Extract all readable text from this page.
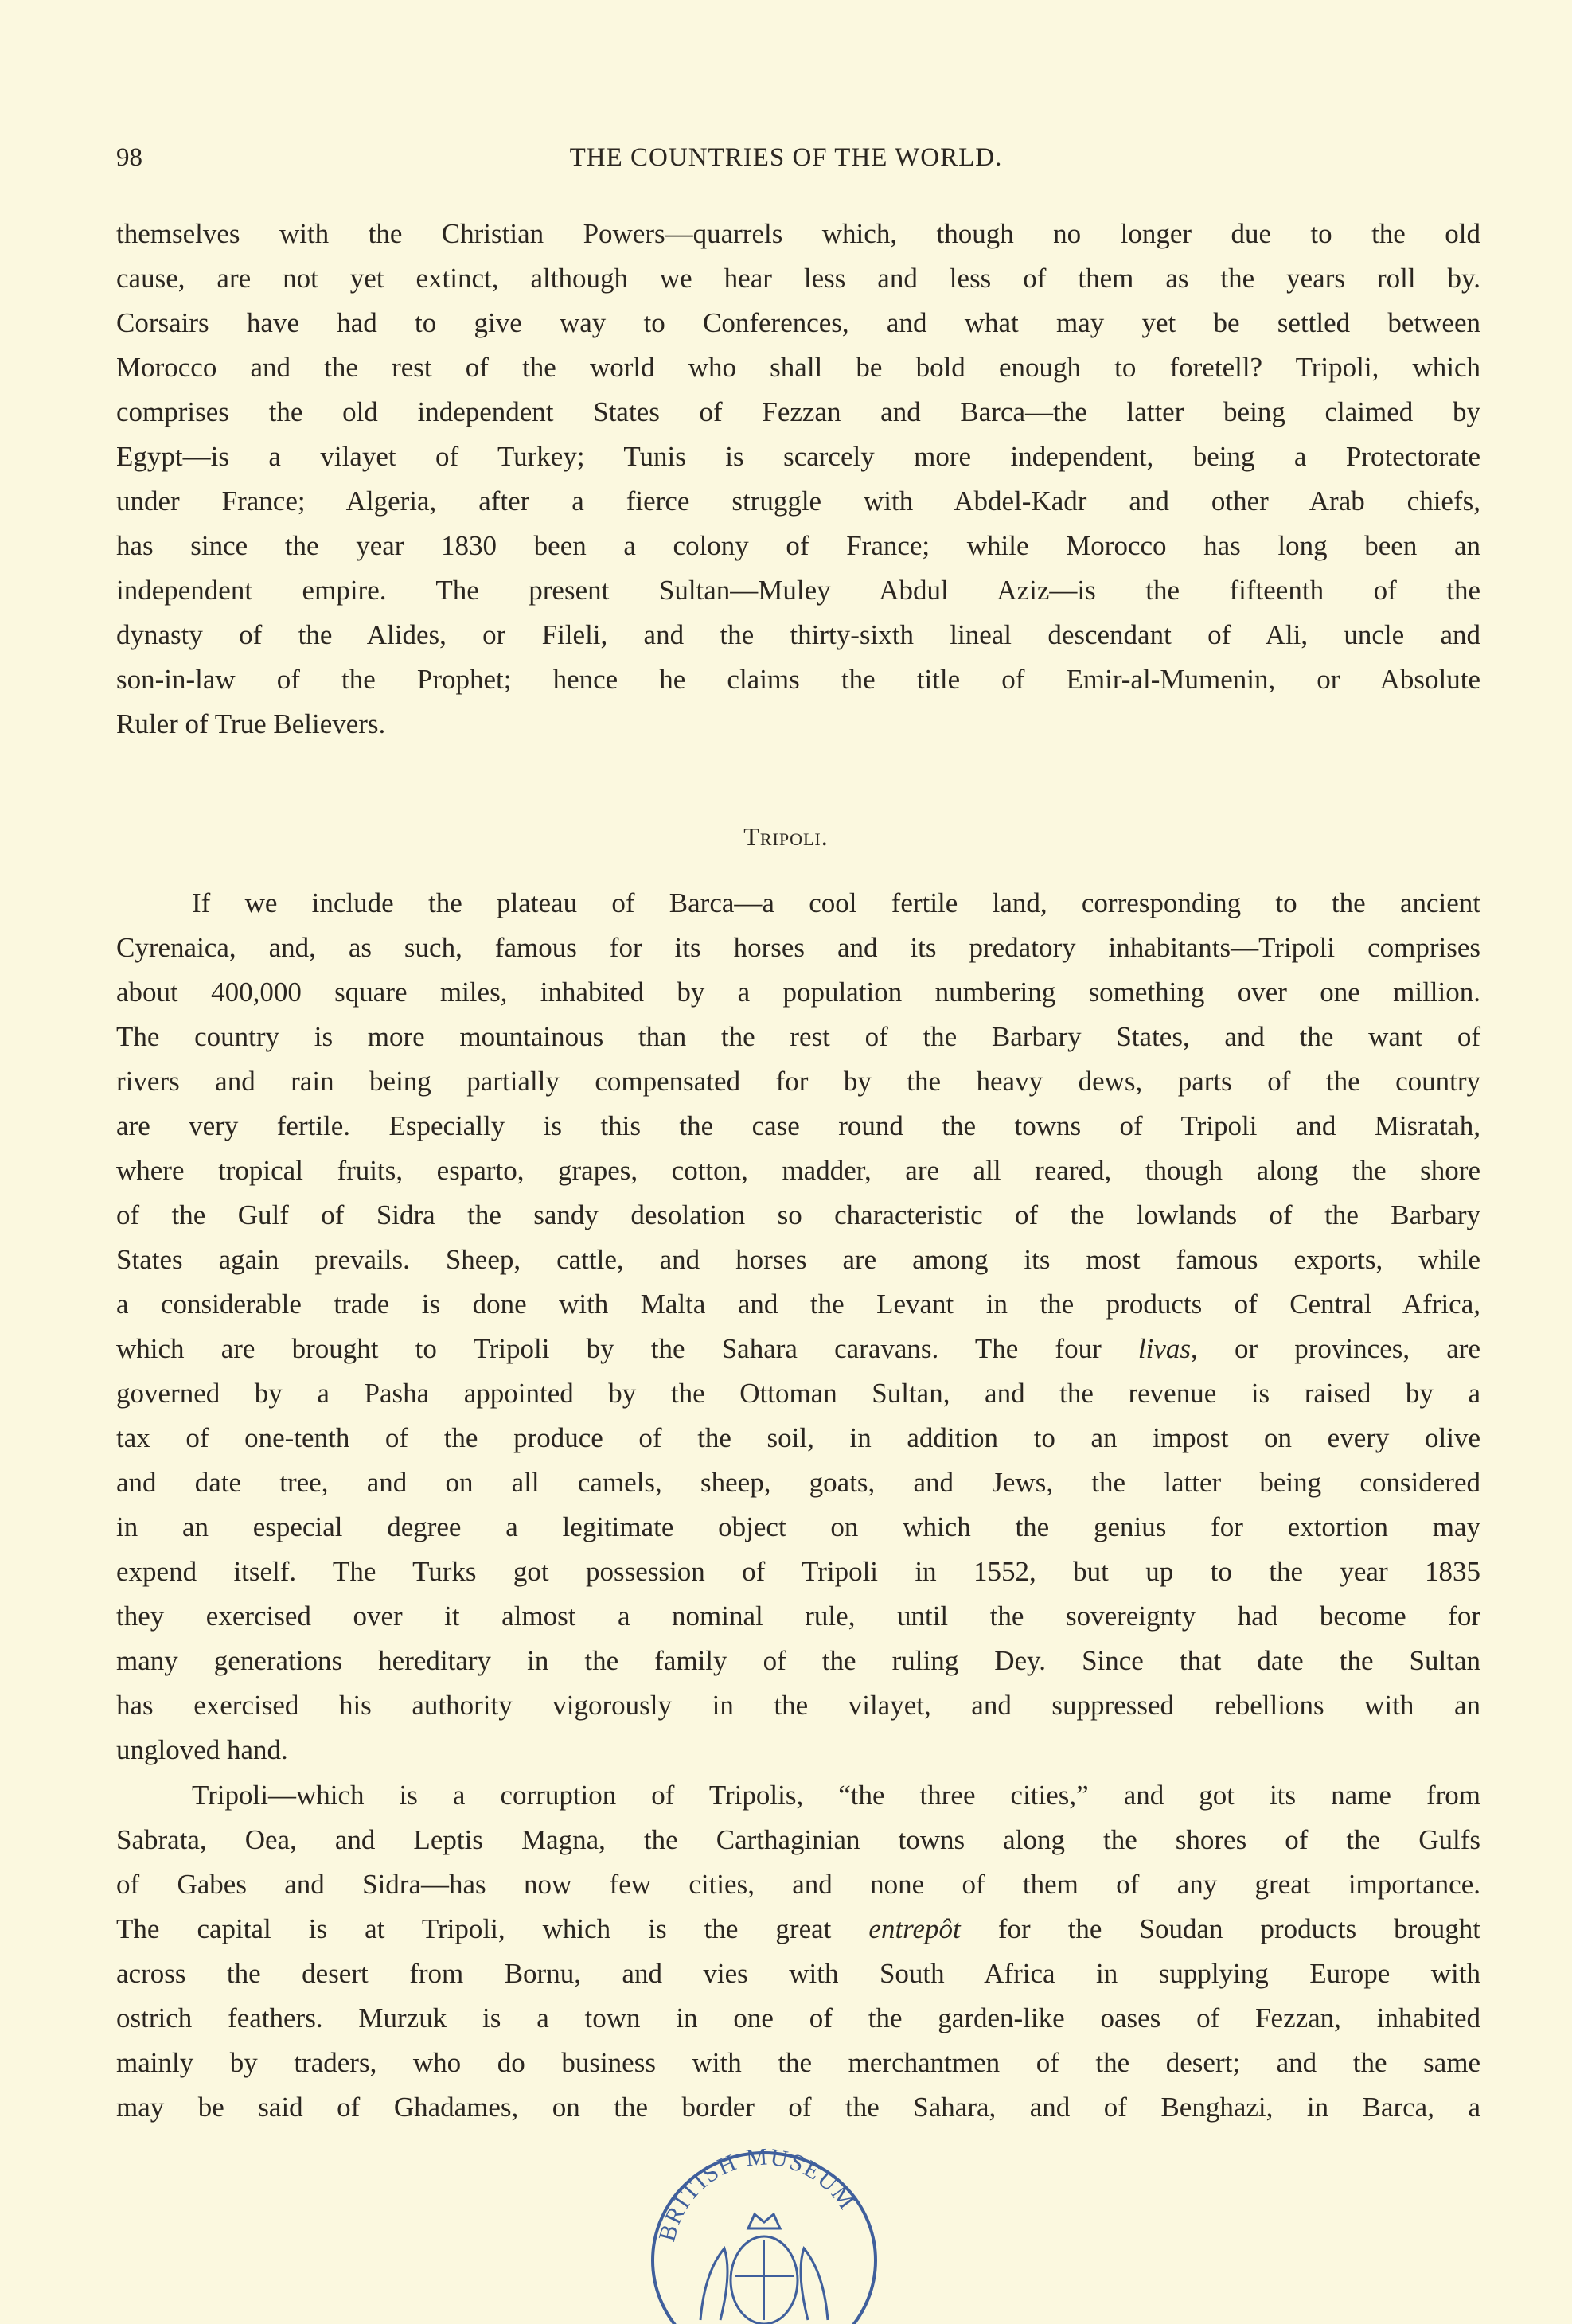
98	THE COUNTRIES OF THE WORLD.
themselves with the Christian Powers—quarrels which, though no longer due to the old
cause, are not yet extinct, although we hear less and less of them as the years roll by.
Corsairs have had to give way to Conferences, and what may yet be settled between
Morocco and the rest of the world who shall be bold enough to foretell? Tripoli, which
comprises the old independent States of Fezzan and Barca—the latter being claimed by
Egypt—is a vilayet of Turkey; Tunis is scarcely more independent, being a Protectorate
under France; Algeria, after a fierce struggle with Abdel-Kadr and other Arab chiefs,
has since the year 1830 been a colony of France; while Morocco has long been an
independent empire. The present Sultan—Muley Abdul Aziz—is the fifteenth of the
dynasty of the Alides, or Fileli, and the thirty-sixth lineal descendant of Ali, uncle and
son-in-law of the Prophet; hence he claims the title of Emir-al-Mumenin, or Absolute
Ruler of True Believers.
Tripoli.
If we include the plateau of Barca—a cool fertile land, corresponding to the ancient
Cyrenaica, and, as such, famous for its horses and its predatory inhabitants—Tripoli comprises
about 400,000 square miles, inhabited by a population numbering something over one million.
The country is more mountainous than the rest of the Barbary States, and the want of
rivers and rain being partially compensated for by the heavy dews, parts of the country
are very fertile. Especially is this the case round the towns of Tripoli and Misratah,
where tropical fruits, esparto, grapes, cotton, madder, are all reared, though along the shore
of the Gulf of Sidra the sandy desolation so characteristic of the lowlands of the Barbary
States again prevails. Sheep, cattle, and horses are among its most famous exports, while
a considerable trade is done with Malta and the Levant in the products of Central Africa,
which are brought to Tripoli by the Sahara caravans. The four livas, or provinces, are
governed by a Pasha appointed by the Ottoman Sultan, and the revenue is raised by a
tax of one-tenth of the produce of the soil, in addition to an impost on every olive
and date tree, and on all camels, sheep, goats, and Jews, the latter being considered
in an especial degree a legitimate object on which the genius for extortion may
expend itself. The Turks got possession of Tripoli in 1552, but up to the year 1835
they exercised over it almost a nominal rule, until the sovereignty had become for
many generations hereditary in the family of the ruling Dey. Since that date the Sultan
has exercised his authority vigorously in the vilayet, and suppressed rebellions with an
ungloved hand.
Tripoli—which is a corruption of Tripolis, “the three cities,” and got its name from
Sabrata, Oea, and Leptis Magna, the Carthaginian towns along the shores of the Gulfs
of Gabes and Sidra—has now few cities, and none of them of any great importance.
The capital is at Tripoli, which is the great entrepôt for the Soudan products brought
across the desert from Bornu, and vies with South Africa in supplying Europe with
ostrich feathers. Murzuk is a town in one of the garden-like oases of Fezzan, inhabited
mainly by traders, who do business with the merchantmen of the desert; and the same
may be said of Ghadames, on the border of the Sahara, and of Benghazi, in Barca, a
BRITISH MUSEUM
